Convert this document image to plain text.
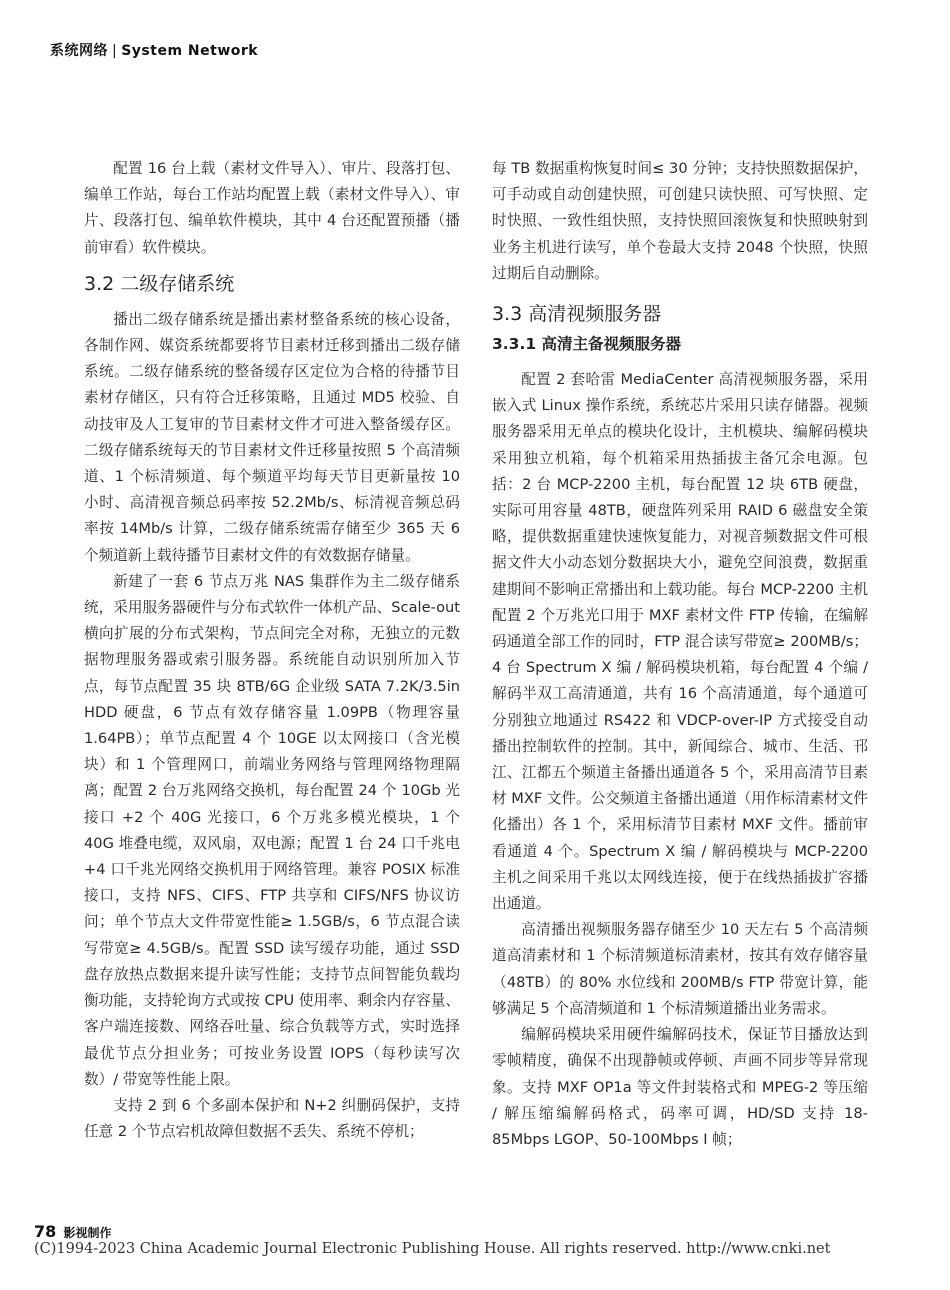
系统网络 | System Network

配置 16 台上载（素材文件导入）、审片、段落打包、编单工作站，每台工作站均配置上载（素材文件导入）、审片、段落打包、编单软件模块，其中 4 台还配置预播（播前审看）软件模块。

3.2 二级存储系统

播出二级存储系统是播出素材整备系统的核心设备，各制作网、媒资系统都要将节目素材迁移到播出二级存储系统。二级存储系统的整备缓存区定位为合格的待播节目素材存储区，只有符合迁移策略，且通过 MD5 校验、自动技审及人工复审的节目素材文件才可进入整备缓存区。二级存储系统每天的节目素材文件迁移量按照 5 个高清频道、1 个标清频道、每个频道平均每天节目更新量按 10 小时、高清视音频总码率按 52.2Mb/s、标清视音频总码率按 14Mb/s 计算，二级存储系统需存储至少 365 天 6 个频道新上载待播节目素材文件的有效数据存储量。

新建了一套 6 节点万兆 NAS 集群作为主二级存储系统，采用服务器硬件与分布式软件一体机产品、Scale-out 横向扩展的分布式架构，节点间完全对称，无独立的元数据物理服务器或索引服务器。系统能自动识别所加入节点，每节点配置 35 块 8TB/6G 企业级 SATA 7.2K/3.5in HDD 硬盘，6 节点有效存储容量 1.09PB（物理容量 1.64PB）；单节点配置 4 个 10GE 以太网接口（含光模块）和 1 个管理网口，前端业务网络与管理网络物理隔离；配置 2 台万兆网络交换机，每台配置 24 个 10Gb 光接口 +2 个 40G 光接口，6 个万兆多模光模块，1 个 40G 堆叠电缆，双风扇，双电源；配置 1 台 24 口千兆电 +4 口千兆光网络交换机用于网络管理。兼容 POSIX 标准接口，支持 NFS、CIFS、FTP 共享和 CIFS/NFS 协议访问；单个节点大文件带宽性能≥ 1.5GB/s，6 节点混合读写带宽≥ 4.5GB/s。配置 SSD 读写缓存功能，通过 SSD 盘存放热点数据来提升读写性能；支持节点间智能负载均衡功能，支持轮询方式或按 CPU 使用率、剩余内存容量、客户端连接数、网络吞吐量、综合负载等方式，实时选择最优节点分担业务；可按业务设置 IOPS（每秒读写次数）/ 带宽等性能上限。

支持 2 到 6 个多副本保护和 N+2 纠删码保护，支持任意 2 个节点宕机故障但数据不丢失、系统不停机；

每 TB 数据重构恢复时间≤ 30 分钟；支持快照数据保护，可手动或自动创建快照，可创建只读快照、可写快照、定时快照、一致性组快照，支持快照回滚恢复和快照映射到业务主机进行读写，单个卷最大支持 2048 个快照，快照过期后自动删除。

3.3 高清视频服务器
3.3.1 高清主备视频服务器

配置 2 套哈雷 MediaCenter 高清视频服务器，采用嵌入式 Linux 操作系统，系统芯片采用只读存储器。视频服务器采用无单点的模块化设计，主机模块、编解码模块采用独立机箱，每个机箱采用热插拔主备冗余电源。包括：2 台 MCP-2200 主机，每台配置 12 块 6TB 硬盘，实际可用容量 48TB，硬盘阵列采用 RAID 6 磁盘安全策略，提供数据重建快速恢复能力，对视音频数据文件可根据文件大小动态划分数据块大小，避免空间浪费，数据重建期间不影响正常播出和上载功能。每台 MCP-2200 主机配置 2 个万兆光口用于 MXF 素材文件 FTP 传输，在编解码通道全部工作的同时，FTP 混合读写带宽≥ 200MB/s；4 台 Spectrum X 编 / 解码模块机箱，每台配置 4 个编 / 解码半双工高清通道，共有 16 个高清通道，每个通道可分别独立地通过 RS422 和 VDCP-over-IP 方式接受自动播出控制软件的控制。其中，新闻综合、城市、生活、邗江、江都五个频道主备播出通道各 5 个，采用高清节目素材 MXF 文件。公交频道主备播出通道（用作标清素材文件化播出）各 1 个，采用标清节目素材 MXF 文件。播前审看通道 4 个。Spectrum X 编 / 解码模块与 MCP-2200 主机之间采用千兆以太网线连接，便于在线热插拔扩容播出通道。

高清播出视频服务器存储至少 10 天左右 5 个高清频道高清素材和 1 个标清频道标清素材，按其有效存储容量（48TB）的 80% 水位线和 200MB/s FTP 带宽计算，能够满足 5 个高清频道和 1 个标清频道播出业务需求。

编解码模块采用硬件编解码技术，保证节目播放达到零帧精度，确保不出现静帧或停顿、声画不同步等异常现象。支持 MXF OP1a 等文件封装格式和 MPEG-2 等压缩 / 解压缩编解码格式，码率可调，HD/SD 支持 18-85Mbps LGOP、50-100Mbps I 帧；

78 影视制作
(C)1994-2023 China Academic Journal Electronic Publishing House. All rights reserved. http://www.cnki.net
